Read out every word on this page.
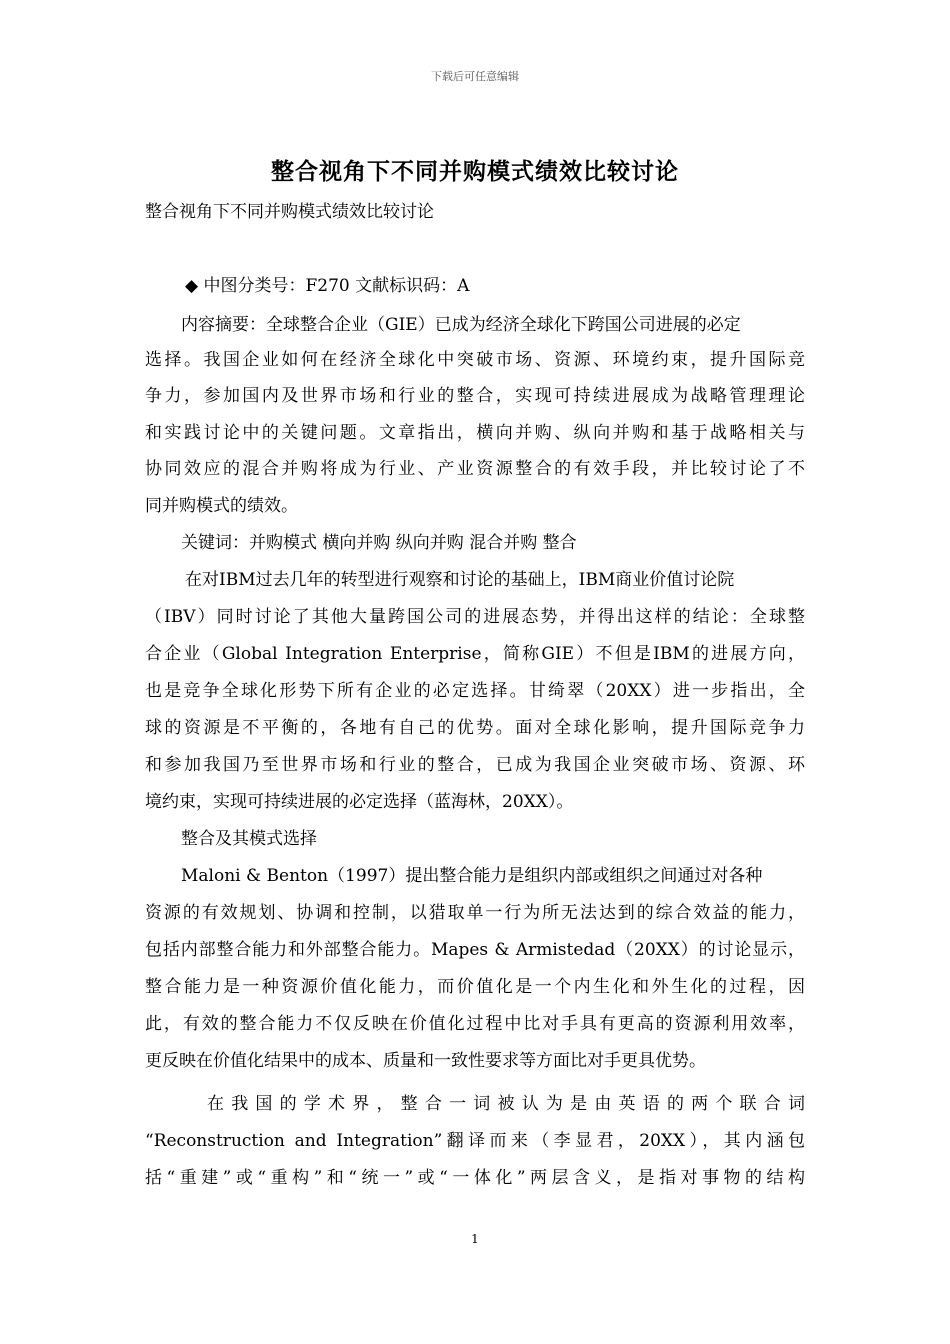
下载后可任意编辑
整合视角下不同并购模式绩效比较讨论
整合视角下不同并购模式绩效比较讨论
◆ 中图分类号：F270 文献标识码：A
内容摘要：全球整合企业（GIE）已成为经济全球化下跨国公司进展的必定
选择。我国企业如何在经济全球化中突破市场、资源、环境约束，提升国际竞
争力，参加国内及世界市场和行业的整合，实现可持续进展成为战略管理理论
和实践讨论中的关键问题。文章指出，横向并购、纵向并购和基于战略相关与
协同效应的混合并购将成为行业、产业资源整合的有效手段，并比较讨论了不
同并购模式的绩效。
关键词：并购模式 横向并购 纵向并购 混合并购 整合
在对IBM过去几年的转型进行观察和讨论的基础上，IBM商业价值讨论院
（IBV）同时讨论了其他大量跨国公司的进展态势，并得出这样的结论：全球整
合企业（Global Integration Enterprise，简称GIE）不但是IBM的进展方向，
也是竞争全球化形势下所有企业的必定选择。甘绮翠（20XX）进一步指出，全
球的资源是不平衡的，各地有自己的优势。面对全球化影响，提升国际竞争力
和参加我国乃至世界市场和行业的整合，已成为我国企业突破市场、资源、环
境约束，实现可持续进展的必定选择（蓝海林，20XX）。
整合及其模式选择
Maloni & Benton（1997）提出整合能力是组织内部或组织之间通过对各种
资源的有效规划、协调和控制，以猎取单一行为所无法达到的综合效益的能力，
包括内部整合能力和外部整合能力。Mapes & Armistedad（20XX）的讨论显示，
整合能力是一种资源价值化能力，而价值化是一个内生化和外生化的过程，因
此，有效的整合能力不仅反映在价值化过程中比对手具有更高的资源利用效率，
更反映在价值化结果中的成本、质量和一致性要求等方面比对手更具优势。
在我国的学术界，整合一词被认为是由英语的两个联合词
“Reconstruction and Integration”翻译而来（李显君，20XX），其内涵包
括“重建”或“重构”和“统一”或“一体化”两层含义，是指对事物的结构
1
